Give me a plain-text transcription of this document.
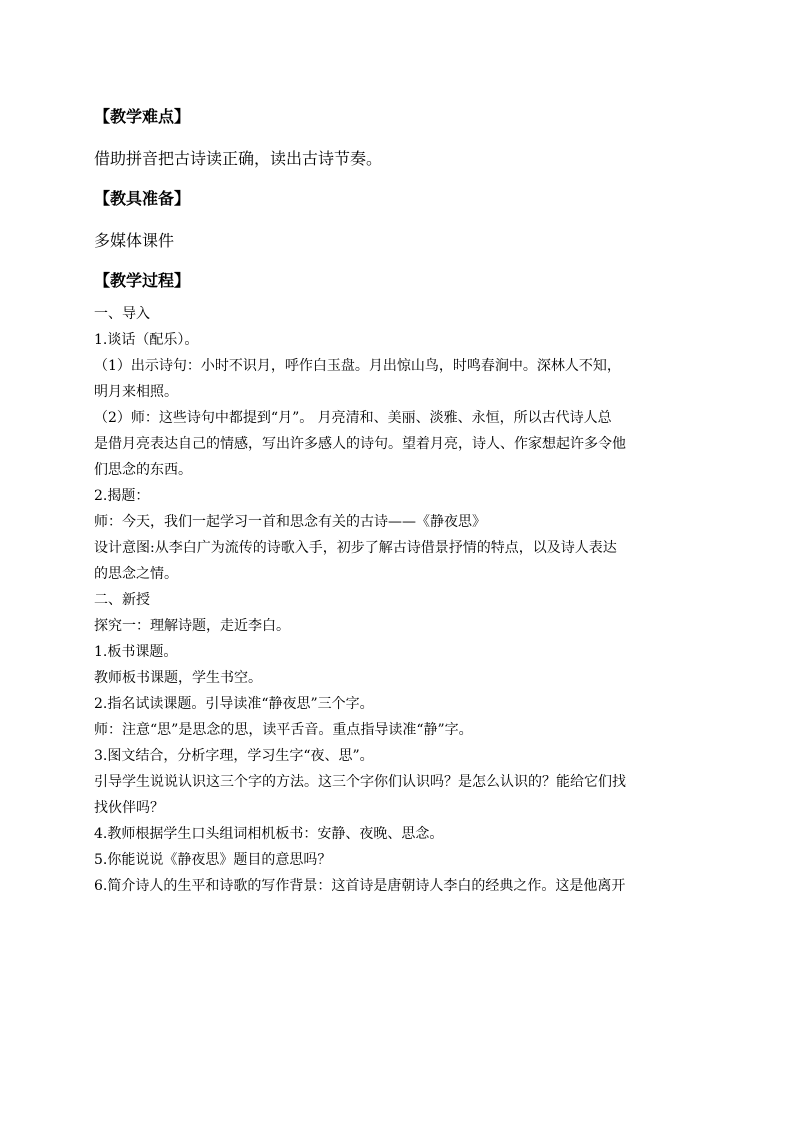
【教学难点】

借助拼音把古诗读正确，读出古诗节奏。

【教具准备】

多媒体课件

【教学过程】

一、导入

1.谈话（配乐）。

（1）出示诗句：小时不识月，呼作白玉盘。月出惊山鸟，时鸣春涧中。深林人不知，

明月来相照。

（2）师：这些诗句中都提到“月”。 月亮清和、美丽、淡雅、永恒，所以古代诗人总

是借月亮表达自己的情感，写出许多感人的诗句。望着月亮，诗人、作家想起许多令他

们思念的东西。

2.揭题：

师：今天，我们一起学习一首和思念有关的古诗——《静夜思》

设计意图:从李白广为流传的诗歌入手，初步了解古诗借景抒情的特点，以及诗人表达

的思念之情。

二、新授

探究一：理解诗题，走近李白。

1.板书课题。

教师板书课题，学生书空。

2.指名试读课题。引导读准“静夜思”三个字。

师：注意“思”是思念的思，读平舌音。重点指导读准“静”字。

3.图文结合，分析字理，学习生字“夜、思”。

引导学生说说认识这三个字的方法。这三个字你们认识吗？是怎么认识的？能给它们找

找伙伴吗？

4.教师根据学生口头组词相机板书：安静、夜晚、思念。

5.你能说说《静夜思》题目的意思吗？

6.简介诗人的生平和诗歌的写作背景：这首诗是唐朝诗人李白的经典之作。这是他离开
